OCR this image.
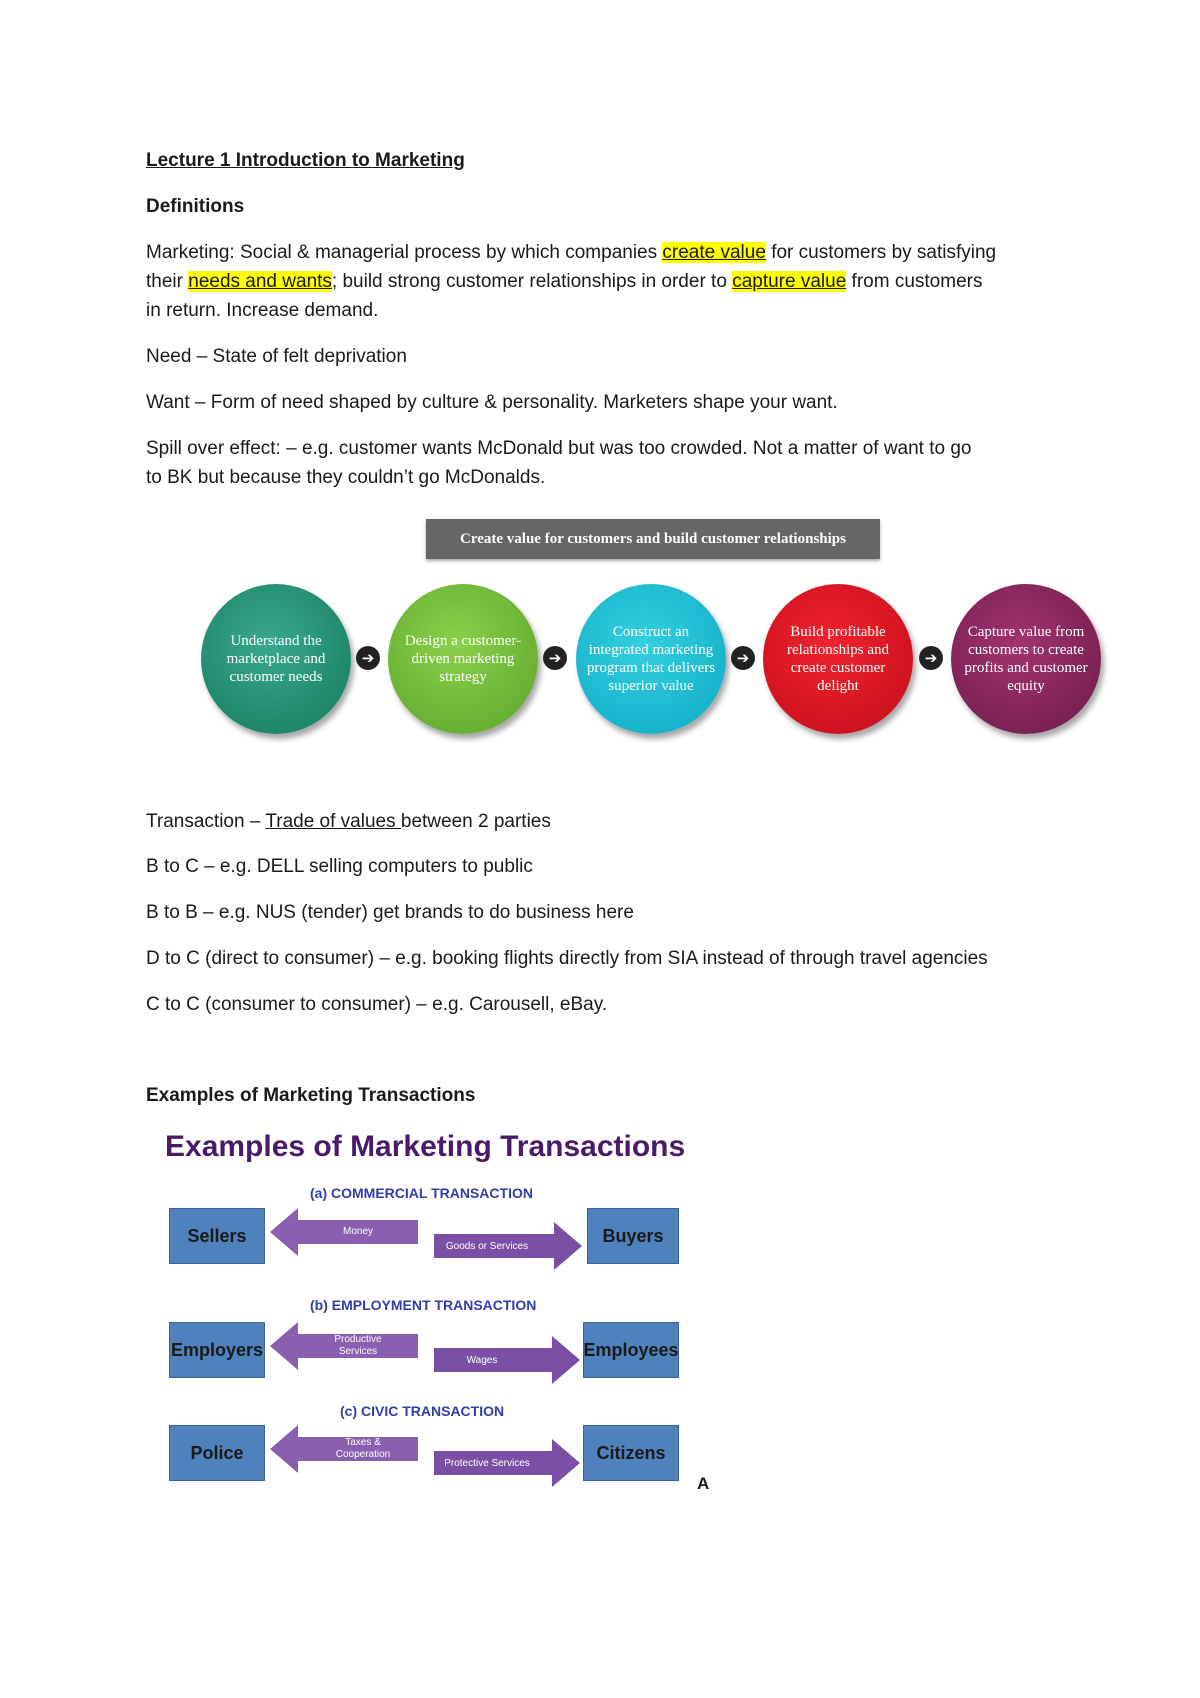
Lecture 1 Introduction to Marketing
Definitions
Marketing: Social & managerial process by which companies create value for customers by satisfying
their needs and wants; build strong customer relationships in order to capture value from customers
in return. Increase demand.
Need – State of felt deprivation
Want – Form of need shaped by culture & personality. Marketers shape your want.
Spill over effect: – e.g. customer wants McDonald but was too crowded. Not a matter of want to go
to BK but because they couldn’t go McDonalds.
Create value for customers and build customer relationships
Understand the marketplace and customer needs
➔
Design a customer-driven marketing strategy
➔
Construct an integrated marketing program that delivers superior value
➔
Build profitable relationships and create customer delight
➔
Capture value from customers to create profits and customer equity
Transaction – Trade of values between 2 parties
B to C – e.g. DELL selling computers to public
B to B – e.g. NUS (tender) get brands to do business here
D to C (direct to consumer) – e.g. booking flights directly from SIA instead of through travel agencies
C to C (consumer to consumer) – e.g. Carousell, eBay.
Examples of Marketing Transactions
Examples of Marketing Transactions
(a) COMMERCIAL TRANSACTION
Sellers	Buyers
Money
Goods or Services
(b) EMPLOYMENT TRANSACTION
Employers	Employees
Productive Services
Wages
(c) CIVIC TRANSACTION
Police	Citizens
Taxes & Cooperation
Protective Services
A
